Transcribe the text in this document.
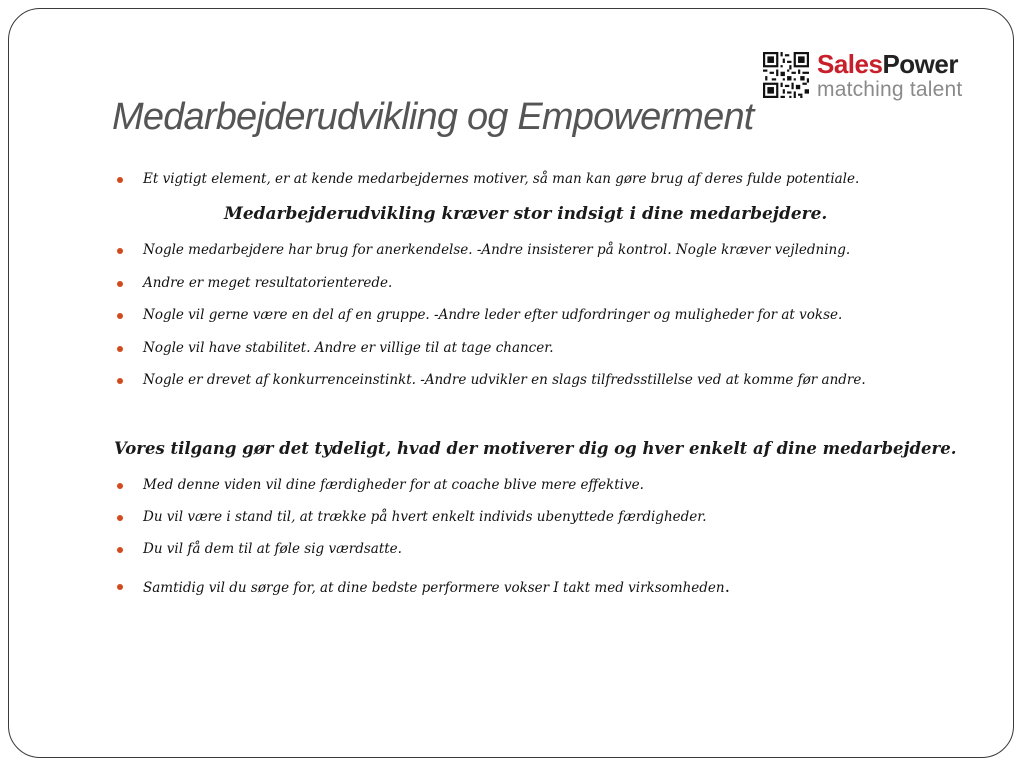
SalesPower
matching talent
Medarbejderudvikling og Empowerment
Et vigtigt element, er at kende medarbejdernes motiver, så man kan gøre brug af deres fulde potentiale.
Medarbejderudvikling kræver stor indsigt i dine medarbejdere.
Nogle medarbejdere har brug for anerkendelse. -Andre insisterer på kontrol. Nogle kræver vejledning.
Andre er meget resultatorienterede.
Nogle vil gerne være en del af en gruppe. -Andre leder efter udfordringer og muligheder for at vokse.
Nogle vil have stabilitet. Andre er villige til at tage chancer.
Nogle er drevet af konkurrenceinstinkt. -Andre udvikler en slags tilfredsstillelse ved at komme før andre.
Vores tilgang gør det tydeligt, hvad der motiverer dig og hver enkelt af dine medarbejdere.
Med denne viden vil dine færdigheder for at coache blive mere effektive.
Du vil være i stand til, at trække på hvert enkelt individs ubenyttede færdigheder.
Du vil få dem til at føle sig værdsatte.
Samtidig vil du sørge for, at dine bedste performere vokser I takt med virksomheden.
